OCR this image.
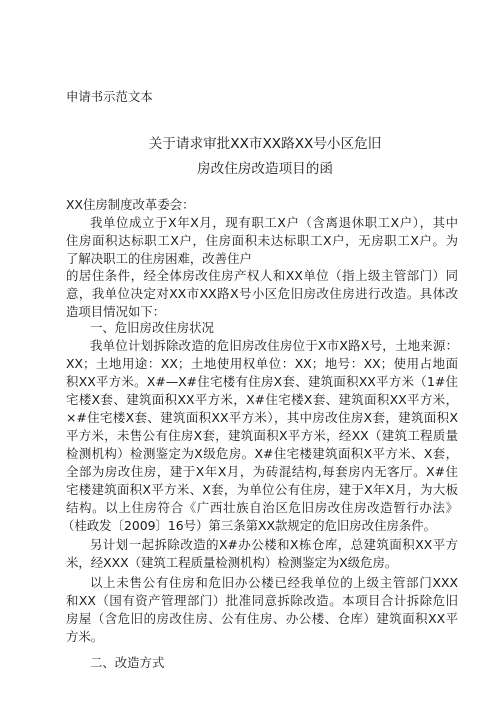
申请书示范文本
关于请求审批XX市XX路XX号小区危旧
房改住房改造项目的函
XX住房制度改革委会：
我单位成立于X年X月，现有职工X户（含离退休职工X户），其中
住房面积达标职工X户，住房面积未达标职工X户，无房职工X户。为
了解决职工的住房困难，改善住户
的居住条件，经全体房改住房产权人和XX单位（指上级主管部门）同
意，我单位决定对XX市XX路X号小区危旧房改住房进行改造。具体改
造项目情况如下：
一、危旧房改住房状况
我单位计划拆除改造的危旧房改住房位于X市X路X号，土地来源：
XX；土地用途：XX；土地使用权单位：XX；地号：XX；使用占地面
积XX平方米。X#—X#住宅楼有住房X套、建筑面积XX平方米（1#住
宅楼X套、建筑面积XX平方米，X#住宅楼X套、建筑面积XX平方米，
×#住宅楼X套、建筑面积XX平方米），其中房改住房X套，建筑面积X
平方米，未售公有住房X套，建筑面积X平方米，经XX（建筑工程质量
检测机构）检测鉴定为X级危房。X#住宅楼建筑面积X平方米、X套，
全部为房改住房，建于X年X月，为砖混结构,每套房内无客厅。X#住
宅楼建筑面积X平方米、X套，为单位公有住房，建于X年X月，为大板
结构。以上住房符合《广西壮族自治区危旧房改住房改造暂行办法》
（桂政发〔2009〕16号）第三条第XX款规定的危旧房改住房条件。
另计划一起拆除改造的X#办公楼和X栋仓库，总建筑面积XX平方
米，经XXX（建筑工程质量检测机构）检测鉴定为X级危房。
以上未售公有住房和危旧办公楼已经我单位的上级主管部门XXX
和XX（国有资产管理部门）批准同意拆除改造。本项目合计拆除危旧
房屋（含危旧的房改住房、公有住房、办公楼、仓库）建筑面积XX平
方米。
二、改造方式
